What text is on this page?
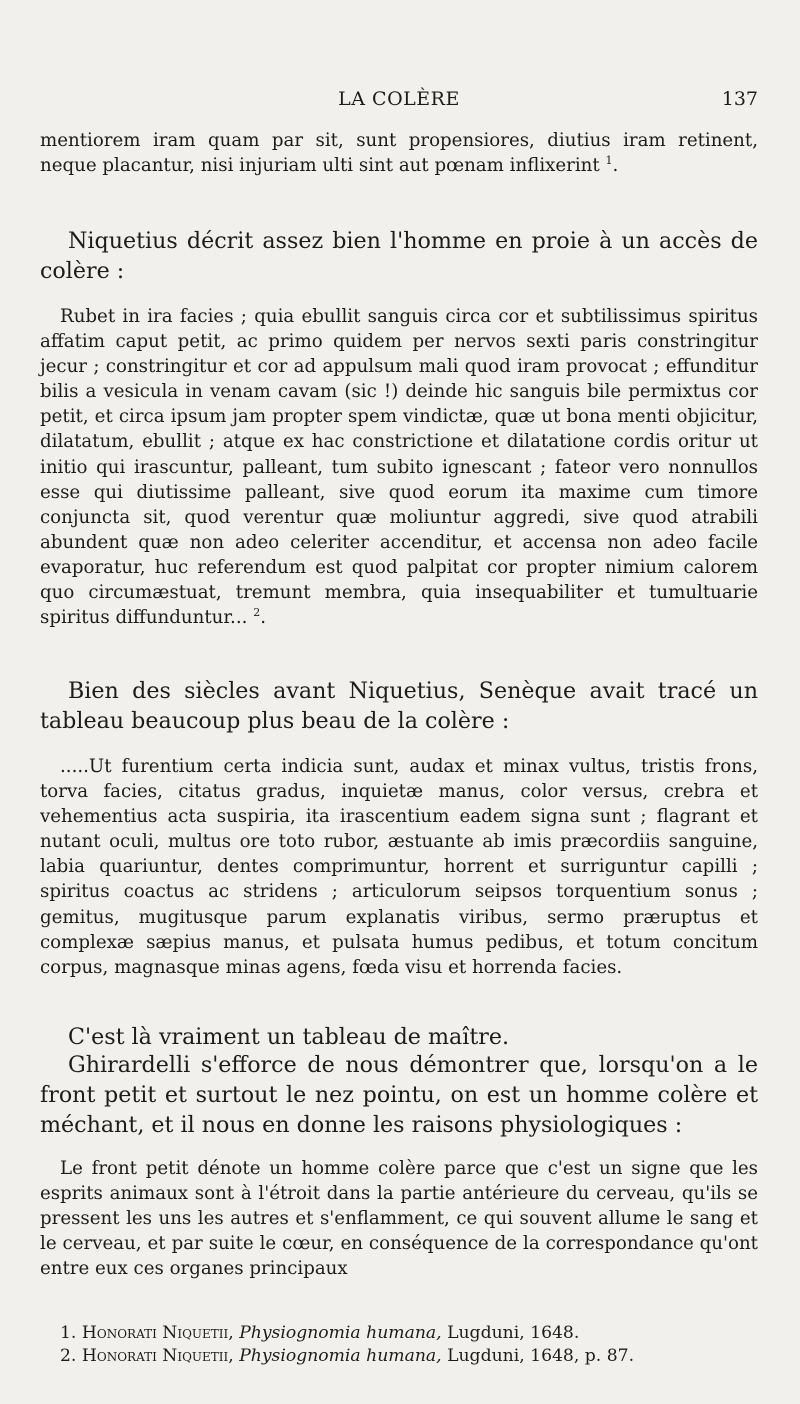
LA COLÈRE	137
mentiorem iram quam par sit, sunt propensiores, diutius iram retinent, neque placantur, nisi injuriam ulti sint aut pœnam inflixerint $^1$.

Niquetius décrit assez bien l'homme en proie à un accès de colère :

Rubet in ira facies ; quia ebullit sanguis circa cor et subtilissimus spiritus affatim caput petit, ac primo quidem per nervos sexti paris constringitur jecur ; constringitur et cor ad appulsum mali quod iram provocat ; effunditur bilis a vesicula in venam cavam (sic !) deinde hic sanguis bile permixtus cor petit, et circa ipsum jam propter spem vindictæ, quæ ut bona menti objicitur, dilatatum, ebullit ; atque ex hac constrictione et dilatatione cordis oritur ut initio qui irascuntur, palleant, tum subito ignescant ; fateor vero nonnullos esse qui diutissime palleant, sive quod eorum ita maxime cum timore conjuncta sit, quod verentur quæ moliuntur aggredi, sive quod atrabili abundent quæ non adeo celeriter accenditur, et accensa non adeo facile evaporatur, huc referendum est quod palpitat cor propter nimium calorem quo circumæstuat, tremunt membra, quia insequabiliter et tumultuarie spiritus diffunduntur... $^2$.

Bien des siècles avant Niquetius, Senèque avait tracé un tableau beaucoup plus beau de la colère :

.....Ut furentium certa indicia sunt, audax et minax vultus, tristis frons, torva facies, citatus gradus, inquietæ manus, color versus, crebra et vehementius acta suspiria, ita irascentium eadem signa sunt ; flagrant et nutant oculi, multus ore toto rubor, æstuante ab imis præcordiis sanguine, labia quariuntur, dentes comprimuntur, horrent et surriguntur capilli ; spiritus coactus ac stridens ; articulorum seipsos torquentium sonus ; gemitus, mugitusque parum explanatis viribus, sermo præruptus et complexæ sæpius manus, et pulsata humus pedibus, et totum concitum corpus, magnasque minas agens, fœda visu et horrenda facies.

C'est là vraiment un tableau de maître.

Ghirardelli s'efforce de nous démontrer que, lorsqu'on a le front petit et surtout le nez pointu, on est un homme colère et méchant, et il nous en donne les raisons physiologiques :

Le front petit dénote un homme colère parce que c'est un signe que les esprits animaux sont à l'étroit dans la partie antérieure du cerveau, qu'ils se pressent les uns les autres et s'enflamment, ce qui souvent allume le sang et le cerveau, et par suite le cœur, en conséquence de la correspondance qu'ont entre eux ces organes principaux

1. Honorati Niquetii, Physiognomia humana, Lugduni, 1648.
2. Honorati Niquetii, Physiognomia humana, Lugduni, 1648, p. 87.
